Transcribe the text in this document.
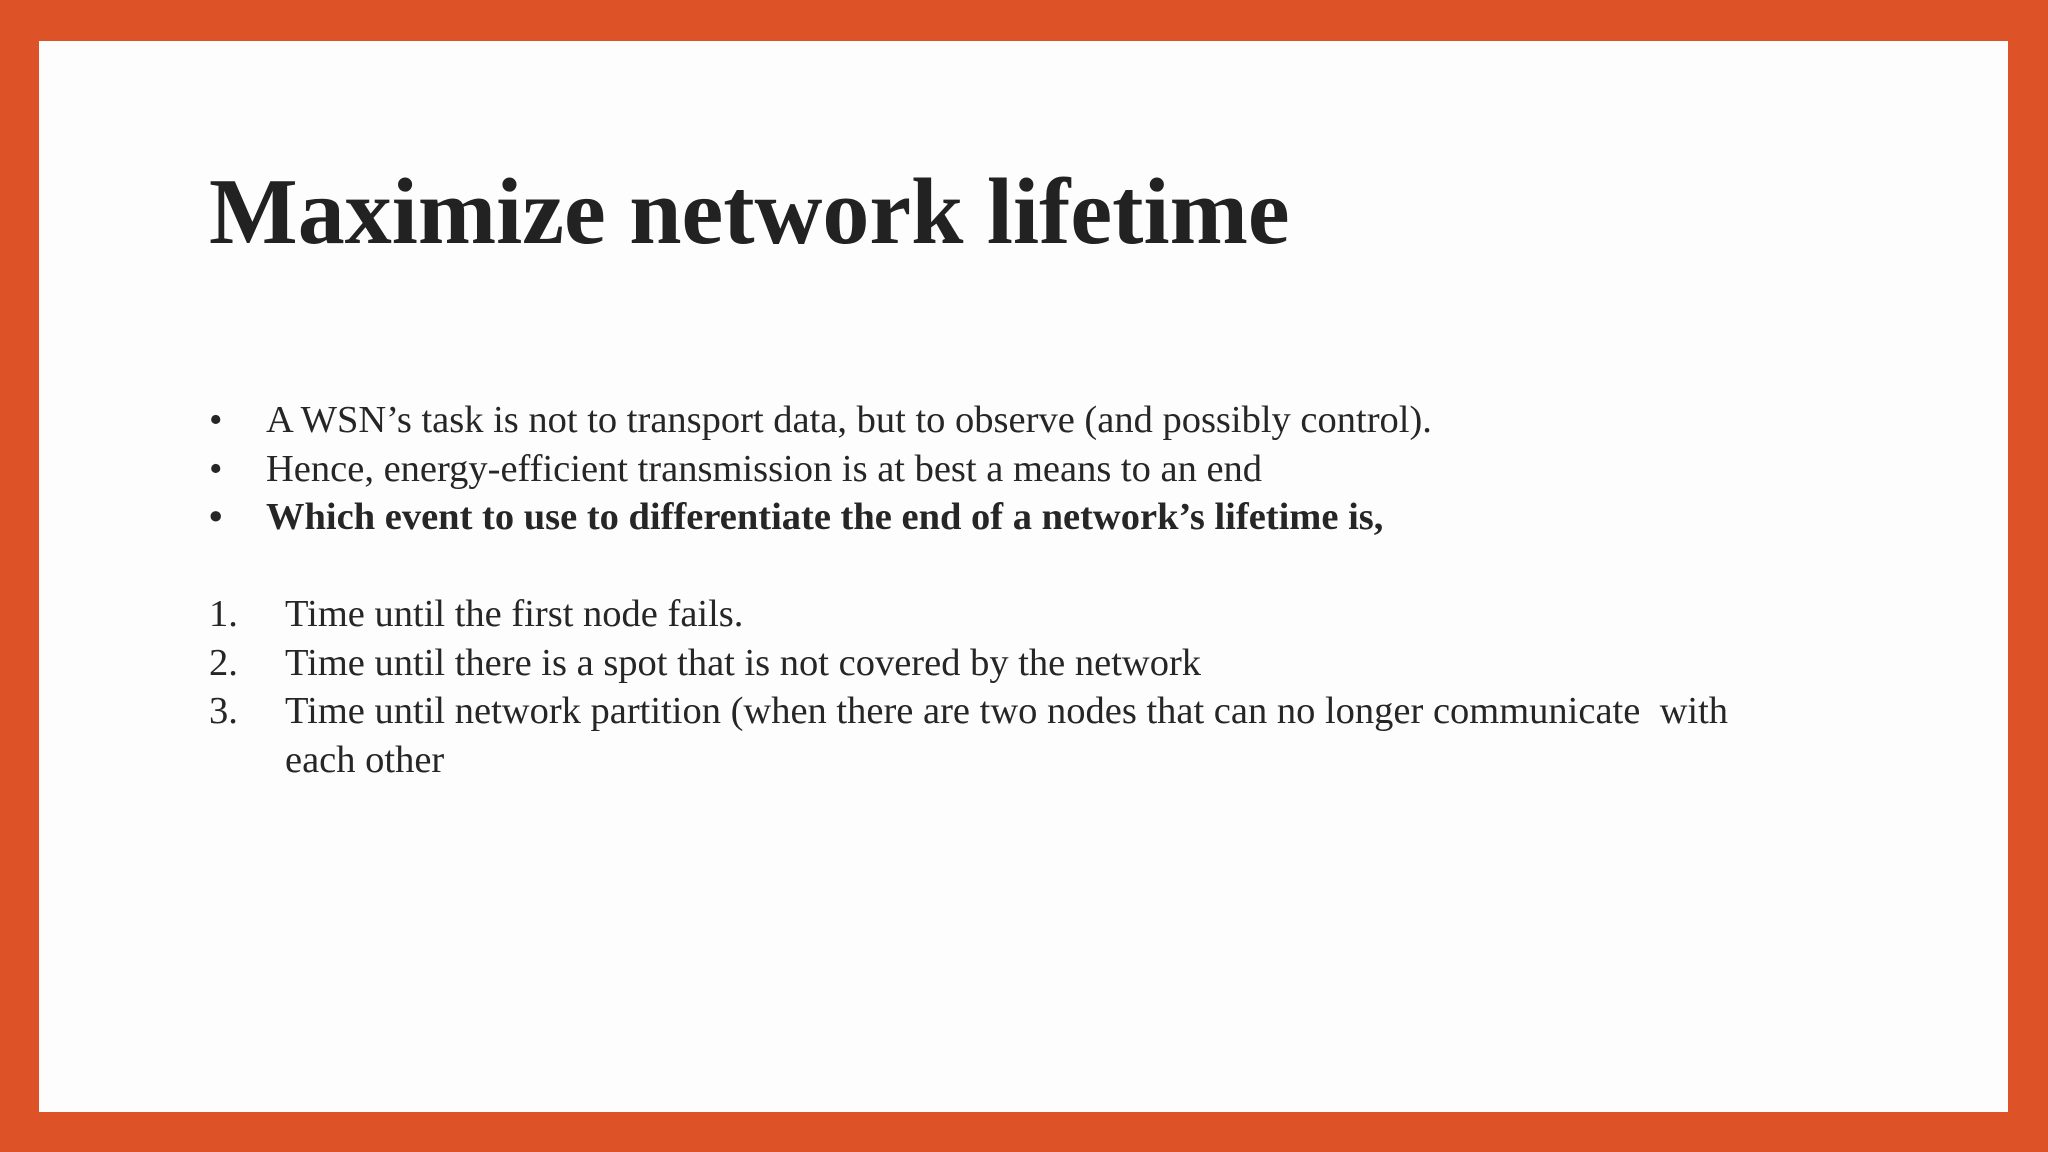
Maximize network lifetime
• A WSN’s task is not to transport data, but to observe (and possibly control).
• Hence, energy-efficient transmission is at best a means to an end
• Which event to use to differentiate the end of a network’s lifetime is,
1. Time until the first node fails.
2. Time until there is a spot that is not covered by the network
3. Time until network partition (when there are two nodes that can no longer communicate  with
each other
